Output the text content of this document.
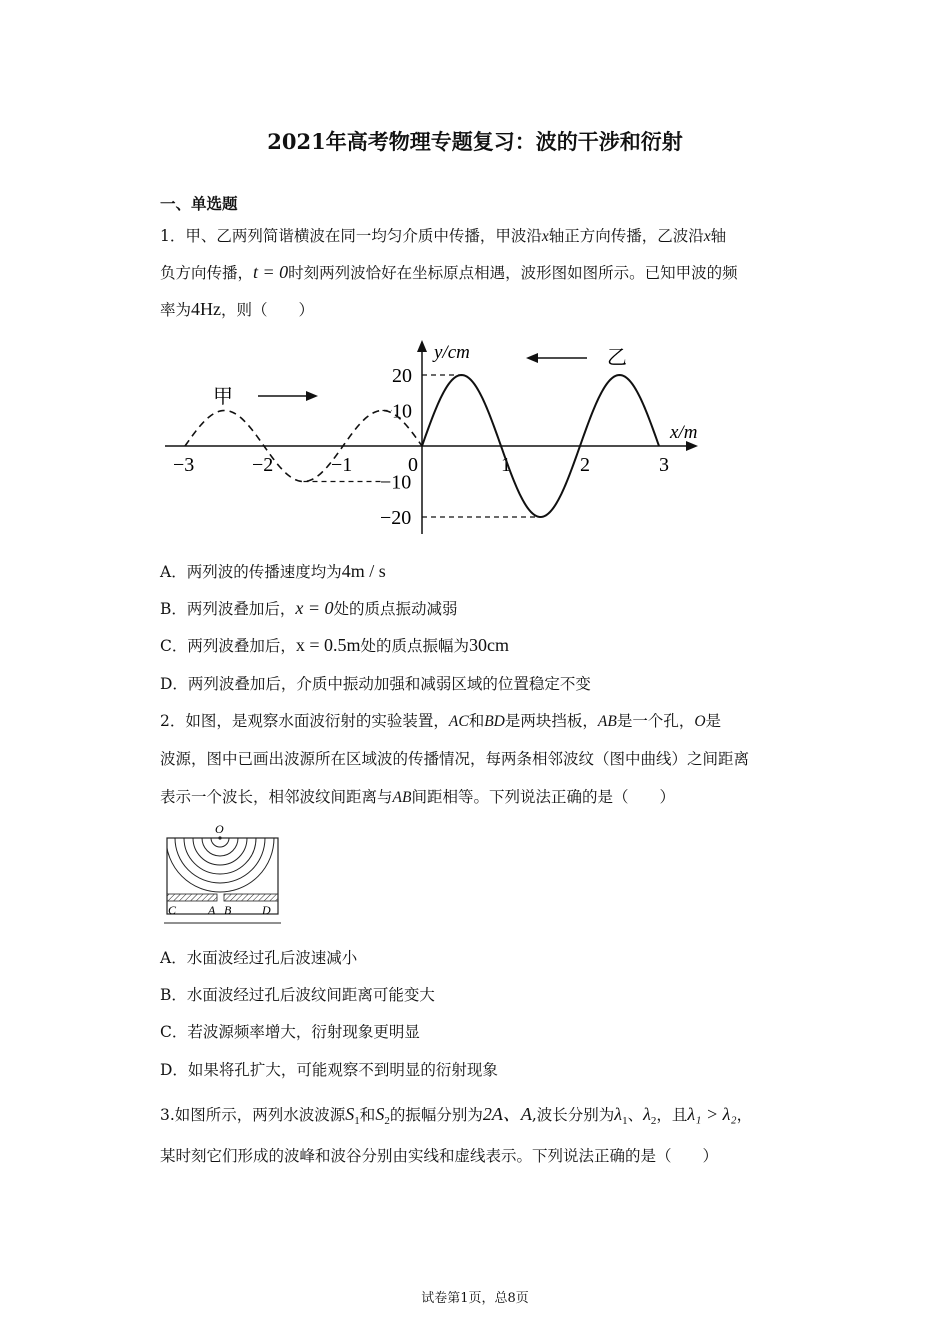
2021年高考物理专题复习：波的干涉和衍射
一、单选题
1．甲、乙两列简谐横波在同一均匀介质中传播，甲波沿x轴正方向传播，乙波沿x轴
负方向传播，t = 0时刻两列波恰好在坐标原点相遇，波形图如图所示。已知甲波的频
率为4Hz，则（　　）
y/cm
x/m
−3	−2	−1	0	1	2	3
20
10
−10
−20
甲
乙
A．两列波的传播速度均为4m / s
B．两列波叠加后，x = 0处的质点振动减弱
C．两列波叠加后，x = 0.5m处的质点振幅为30cm
D．两列波叠加后，介质中振动加强和减弱区域的位置稳定不变
2．如图，是观察水面波衍射的实验装置，AC和BD是两块挡板，AB是一个孔，O是
波源，图中已画出波源所在区域波的传播情况，每两条相邻波纹（图中曲线）之间距离
表示一个波长，相邻波纹间距离与AB间距相等。下列说法正确的是（　　）
O
C	A B	D
A．水面波经过孔后波速减小
B．水面波经过孔后波纹间距离可能变大
C．若波源频率增大，衍射现象更明显
D．如果将孔扩大，可能观察不到明显的衍射现象
3.如图所示，两列水波波源$S_1$和$S_2$的振幅分别为2A、A,波长分别为$\lambda_1$、$\lambda_2$，且λ₁ > λ₂，
某时刻它们形成的波峰和波谷分别由实线和虚线表示。下列说法正确的是（　　）
试卷第1页，总8页
